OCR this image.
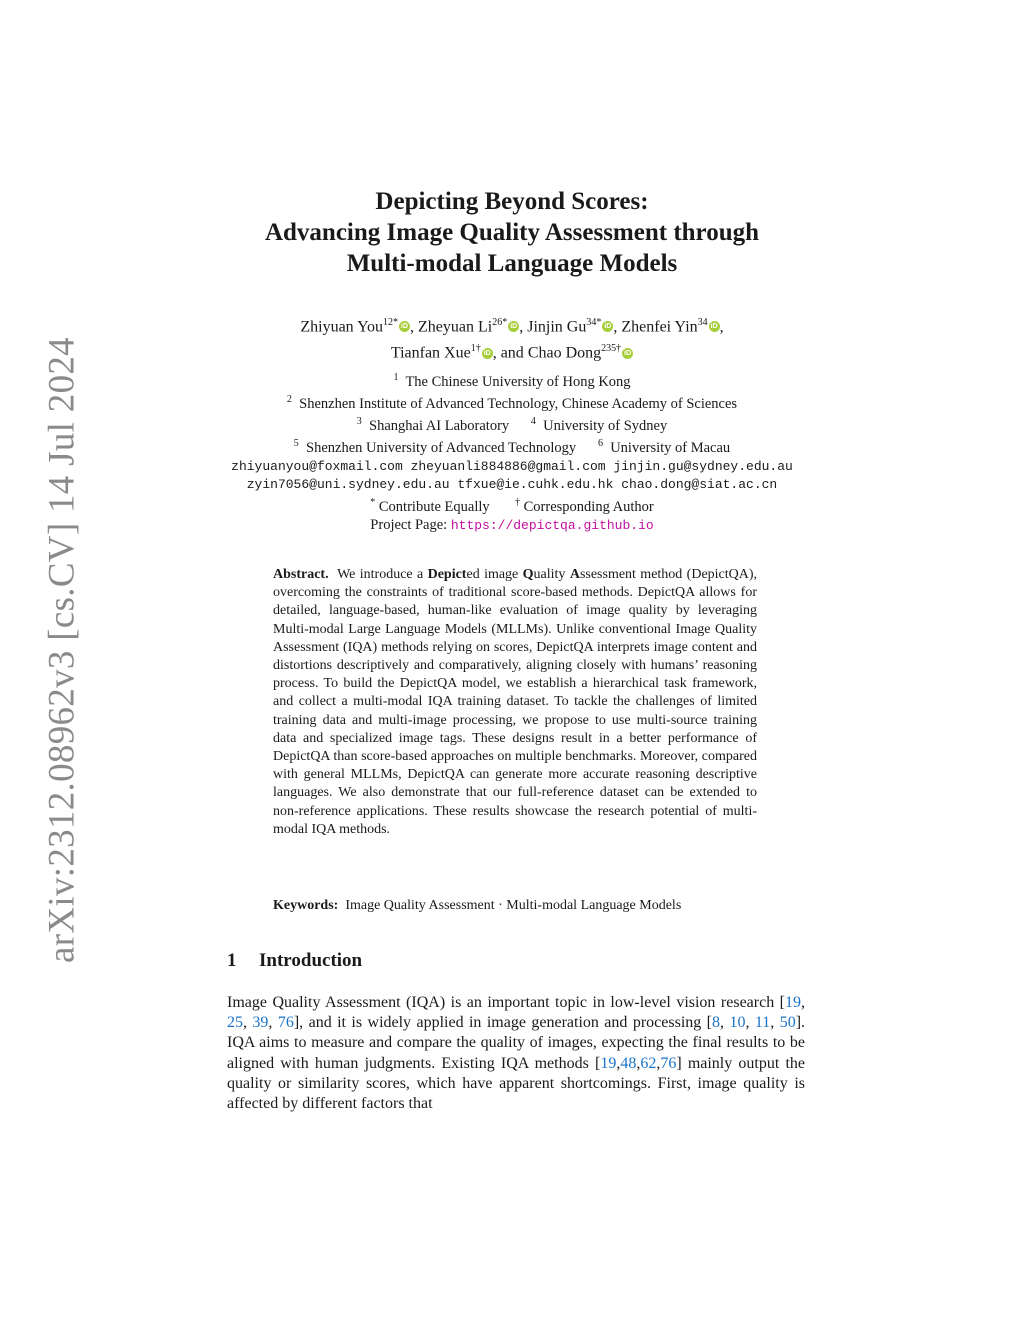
arXiv:2312.08962v3 [cs.CV] 14 Jul 2024
Depicting Beyond Scores:
Advancing Image Quality Assessment through
Multi-modal Language Models
Zhiyuan You$^{12*}$ iD , Zheyuan $Li^{26*}$ iD , Jinjin $Gu^{34*}$ iD , Zhenfei Yin$^{34}$ iD ,
Tianfan Xue$^{1\dagger}$ iD , and Chao Dong$^{235\dagger}$ iD
$^1$ The Chinese University of Hong Kong
$^2$ Shenzhen Institute of Advanced Technology, Chinese Academy of Sciences
$^3$ Shanghai AI Laboratory $^4$ University of Sydney
$^5$ Shenzhen University of Advanced Technology $^6$ University of Macau
zhiyuanyou@foxmail.com zheyuanli884886@gmail.com jinjin.gu@sydney.edu.au
zyin7056@uni.sydney.edu.au tfxue@ie.cuhk.edu.hk chao.dong@siat.ac.cn
* Contribute Equally	† Corresponding Author
Project Page: https://depictqa.github.io
Abstract. We introduce a Depicted image Quality Assessment method (DepictQA), overcoming the constraints of traditional score-based methods. DepictQA allows for detailed, language-based, human-like evaluation of image quality by leveraging Multi-modal Large Language Models (MLLMs). Unlike conventional Image Quality Assessment (IQA) methods relying on scores, DepictQA interprets image content and distortions descriptively and comparatively, aligning closely with humans’ reasoning process. To build the DepictQA model, we establish a hierarchical task framework, and collect a multi-modal IQA training dataset. To tackle the challenges of limited training data and multi-image processing, we propose to use multi-source training data and specialized image tags. These designs result in a better performance of DepictQA than score-based approaches on multiple benchmarks. Moreover, compared with general MLLMs, DepictQA can generate more accurate reasoning descriptive languages. We also demonstrate that our full-reference dataset can be extended to non-reference applications. These results showcase the research potential of multi-modal IQA methods.
Keywords: Image Quality Assessment · Multi-modal Language Models
1 Introduction
Image Quality Assessment (IQA) is an important topic in low-level vision research [19, 25, 39, 76], and it is widely applied in image generation and processing [8, 10, 11, 50]. IQA aims to measure and compare the quality of images, expecting the final results to be aligned with human judgments. Existing IQA methods [19,48,62,76] mainly output the quality or similarity scores, which have apparent shortcomings. First, image quality is affected by different factors that
